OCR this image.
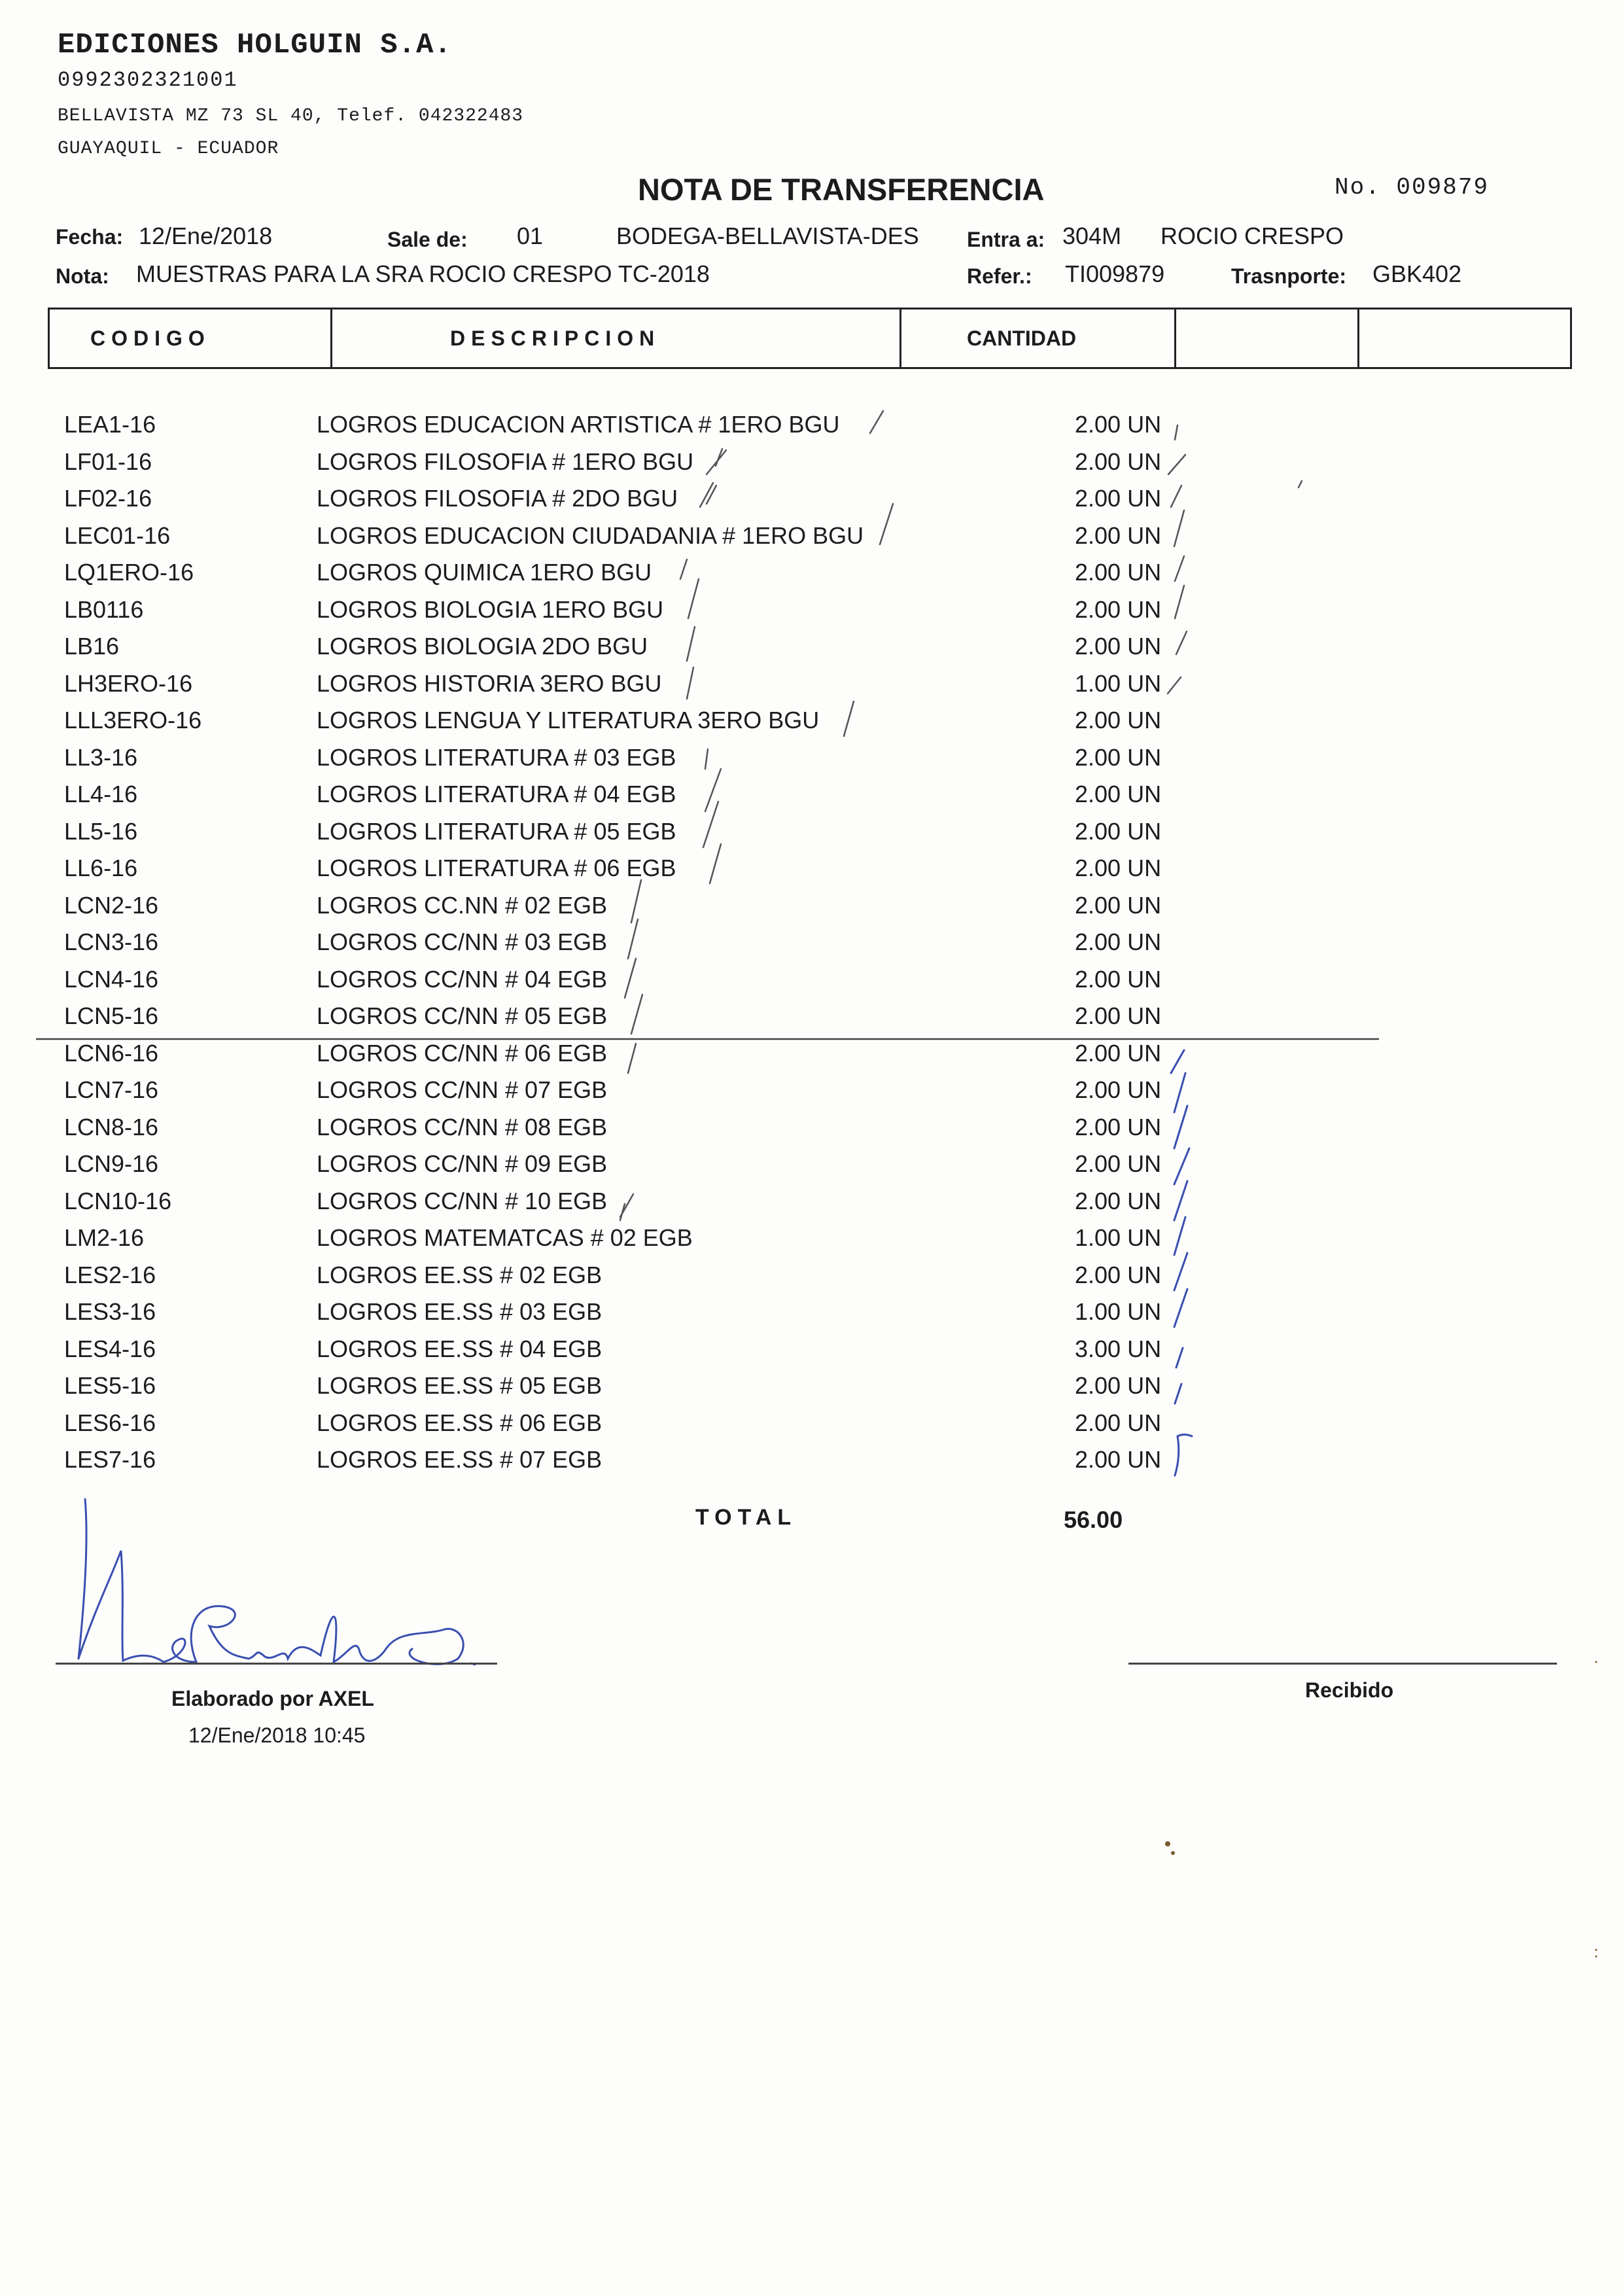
EDICIONES HOLGUIN S.A.
0992302321001
BELLAVISTA MZ 73 SL 40, Telef. 042322483
GUAYAQUIL - ECUADOR
NOTA DE TRANSFERENCIA	No. 009879
Fecha: 12/Ene/2018	Sale de: 01	BODEGA-BELLAVISTA-DES Entra a: 304M ROCIO CRESPO
Nota: MUESTRAS PARA LA SRA ROCIO CRESPO TC-2018	Refer.: TI009879	Trasnporte: GBK402
CODIGO	DESCRIPCION	CANTIDAD
LEA1-16	LOGROS EDUCACION ARTISTICA # 1ERO BGU	2.00 UN
LF01-16	LOGROS FILOSOFIA # 1ERO BGU	2.00 UN
LF02-16	LOGROS FILOSOFIA # 2DO BGU	2.00 UN
LEC01-16	LOGROS EDUCACION CIUDADANIA # 1ERO BGU	2.00 UN
LQ1ERO-16	LOGROS QUIMICA 1ERO BGU	2.00 UN
LB0116	LOGROS BIOLOGIA 1ERO BGU	2.00 UN
LB16	LOGROS BIOLOGIA 2DO BGU	2.00 UN
LH3ERO-16	LOGROS HISTORIA 3ERO BGU	1.00 UN
LLL3ERO-16	LOGROS LENGUA Y LITERATURA 3ERO BGU	2.00 UN
LL3-16	LOGROS LITERATURA # 03 EGB	2.00 UN
LL4-16	LOGROS LITERATURA # 04 EGB	2.00 UN
LL5-16	LOGROS LITERATURA # 05 EGB	2.00 UN
LL6-16	LOGROS LITERATURA # 06 EGB	2.00 UN
LCN2-16	LOGROS CC.NN # 02 EGB	2.00 UN
LCN3-16	LOGROS CC/NN # 03 EGB	2.00 UN
LCN4-16	LOGROS CC/NN # 04 EGB	2.00 UN
LCN5-16	LOGROS CC/NN # 05 EGB	2.00 UN
LCN6-16	LOGROS CC/NN # 06 EGB	2.00 UN
LCN7-16	LOGROS CC/NN # 07 EGB	2.00 UN
LCN8-16	LOGROS CC/NN # 08 EGB	2.00 UN
LCN9-16	LOGROS CC/NN # 09 EGB	2.00 UN
LCN10-16	LOGROS CC/NN # 10 EGB	2.00 UN
LM2-16	LOGROS MATEMATCAS # 02 EGB	1.00 UN
LES2-16	LOGROS EE.SS # 02 EGB	2.00 UN
LES3-16	LOGROS EE.SS # 03 EGB	1.00 UN
LES4-16	LOGROS EE.SS # 04 EGB	3.00 UN
LES5-16	LOGROS EE.SS # 05 EGB	2.00 UN
LES6-16	LOGROS EE.SS # 06 EGB	2.00 UN
LES7-16	LOGROS EE.SS # 07 EGB	2.00 UN
TOTAL	56.00
Elaborado por AXEL
12/Ene/2018 10:45
Recibido
